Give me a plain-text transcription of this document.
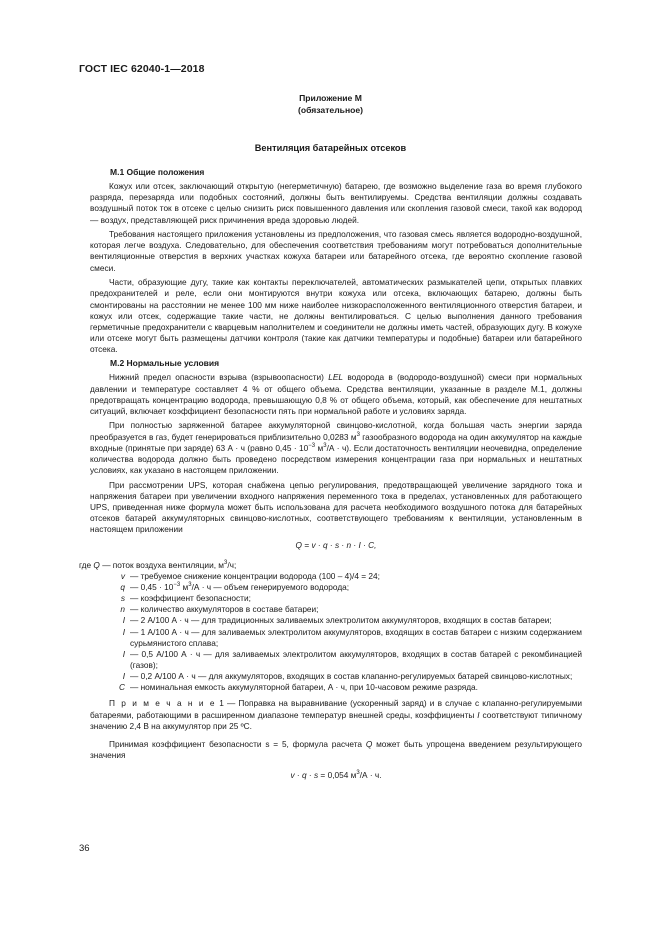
ГОСТ IEC 62040-1—2018
Приложение М
(обязательное)
Вентиляция батарейных отсеков
М.1 Общие положения

Кожух или отсек, заключающий открытую (негерметичную) батарею, где возможно выделение газа во время глубокого разряда, перезаряда или подобных состояний, должны быть вентилируемы. Средства вентиляции должны создавать воздушный поток ток в отсеке с целью снизить риск повышенного давления или скопления газовой смеси, такой как водород — воздух, представляющей риск причинения вреда здоровью людей.

Требования настоящего приложения установлены из предположения, что газовая смесь является водородно-воздушной, которая легче воздуха. Следовательно, для обеспечения соответствия требованиям могут потребоваться дополнительные вентиляционные отверстия в верхних участках кожуха батареи или батарейного отсека, где вероятно скопление газовой смеси.

Части, образующие дугу, такие как контакты переключателей, автоматических размыкателей цепи, открытых плавких предохранителей и реле, если они монтируются внутри кожуха или отсека, включающих батарею, должны быть смонтированы на расстоянии не менее 100 мм ниже наиболее низкорасположенного вентиляционного отверстия батареи, и кожух или отсек, содержащие такие части, не должны вентилироваться. С целью выполнения данного требования герметичные предохранители с кварцевым наполнителем и соединители не должны иметь частей, образующих дугу. В кожухе или отсеке могут быть размещены датчики контроля (такие как датчики температуры и подобные) батареи или батарейного отсека.

М.2 Нормальные условия

Нижний предел опасности взрыва (взрывоопасности) LEL водорода в (водородо-воздушной) смеси при нормальных давлении и температуре составляет 4 % от общего объема. Средства вентиляции, указанные в разделе М.1, должны предотвращать концентрацию водорода, превышающую 0,8 % от общего объема, который, как обеспечение для нештатных ситуаций, включает коэффициент безопасности пять при нормальной работе и условиях заряда.

При полностью заряженной батарее аккумуляторной свинцово-кислотной, когда большая часть энергии заряда преобразуется в газ, будет генерироваться приблизительно 0,0283 $м^3$ газообразного водорода на один аккумулятор на каждые входные (принятые при заряде) 63 А · ч (равно $0,45 \cdot 10^{-3}$ $м^3/А \cdot ч$). Если достаточность вентиляции неочевидна, определение количества водорода должно быть проведено посредством измерения концентрации газа при нормальных и нештатных условиях, как указано в настоящем приложении.

При рассмотрении UPS, которая снабжена цепью регулирования, предотвращающей увеличение зарядного тока и напряжения батареи при увеличении входного напряжения переменного тока в пределах, установленных для работающего UPS, приведенная ниже формула может быть использована для расчета необходимого воздушного потока для батарейных отсеков батарей аккумуляторных свинцово-кислотных, соответствующего требованиям к вентиляции, установленным в настоящем приложении

Q = v · q · s · n · I · C,
где Q — поток воздуха вентиляции, $м^3/ч$;
v — требуемое снижение концентрации водорода (100 – 4)/4 = 24;
q — $0,45 \cdot 10^{-3}$ $м^3/А \cdot ч$ — объем генерируемого водорода;
s — коэффициент безопасности;
n — количество аккумуляторов в составе батареи;
I — 2 А/100 А · ч — для традиционных заливаемых электролитом аккумуляторов, входящих в состав батареи;
I — 1 А/100 А · ч — для заливаемых электролитом аккумуляторов, входящих в состав батареи с низким содержанием сурьмянистого сплава;
I — 0,5 А/100 А · ч — для заливаемых электролитом аккумуляторов, входящих в состав батарей с рекомбинацией (газов);
I — 0,2 А/100 А · ч — для аккумуляторов, входящих в состав клапанно-регулируемых батарей свинцово-кислотных;
C — номинальная емкость аккумуляторной батареи, А · ч, при 10-часовом режиме разряда.

П р и м е ч а н и е 1 — Поправка на выравнивание (ускоренный заряд) и в случае с клапанно-регулируемыми батареями, работающими в расширенном диапазоне температур внешней среды, коэффициенты I соответствуют типичному значению 2,4 В на аккумулятор при 25 ºС.

Принимая коэффициент безопасности s = 5, формула расчета Q может быть упрощена введением результирующего значения

v · q · s = 0,054 $м^3/А \cdot ч$.
36
